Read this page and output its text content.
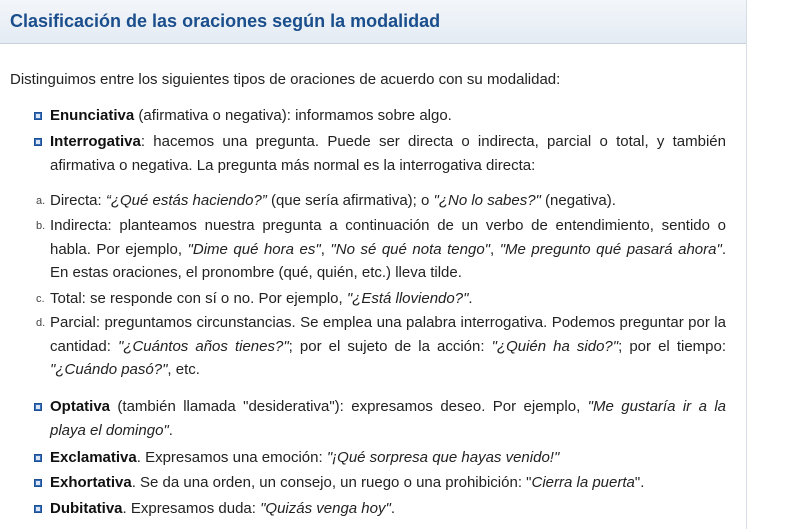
Clasificación de las oraciones según la modalidad
Distinguimos entre los siguientes tipos de oraciones de acuerdo con su modalidad:
Enunciativa (afirmativa o negativa): informamos sobre algo.
Interrogativa: hacemos una pregunta. Puede ser directa o indirecta, parcial o total, y también afirmativa o negativa. La pregunta más normal es la interrogativa directa:
a. Directa: “¿Qué estás haciendo?” (que sería afirmativa); o "¿No lo sabes?" (negativa).
b. Indirecta: planteamos nuestra pregunta a continuación de un verbo de entendimiento, sentido o habla. Por ejemplo, "Dime qué hora es", "No sé qué nota tengo", "Me pregunto qué pasará ahora". En estas oraciones, el pronombre (qué, quién, etc.) lleva tilde.
c. Total: se responde con sí o no. Por ejemplo, "¿Está lloviendo?".
d. Parcial: preguntamos circunstancias. Se emplea una palabra interrogativa. Podemos preguntar por la cantidad: "¿Cuántos años tienes?"; por el sujeto de la acción: "¿Quién ha sido?"; por el tiempo: "¿Cuándo pasó?", etc.
Optativa (también llamada "desiderativa"): expresamos deseo. Por ejemplo, "Me gustaría ir a la playa el domingo".
Exclamativa. Expresamos una emoción: "¡Qué sorpresa que hayas venido!"
Exhortativa. Se da una orden, un consejo, un ruego o una prohibición: "Cierra la puerta".
Dubitativa. Expresamos duda: "Quizás venga hoy".
